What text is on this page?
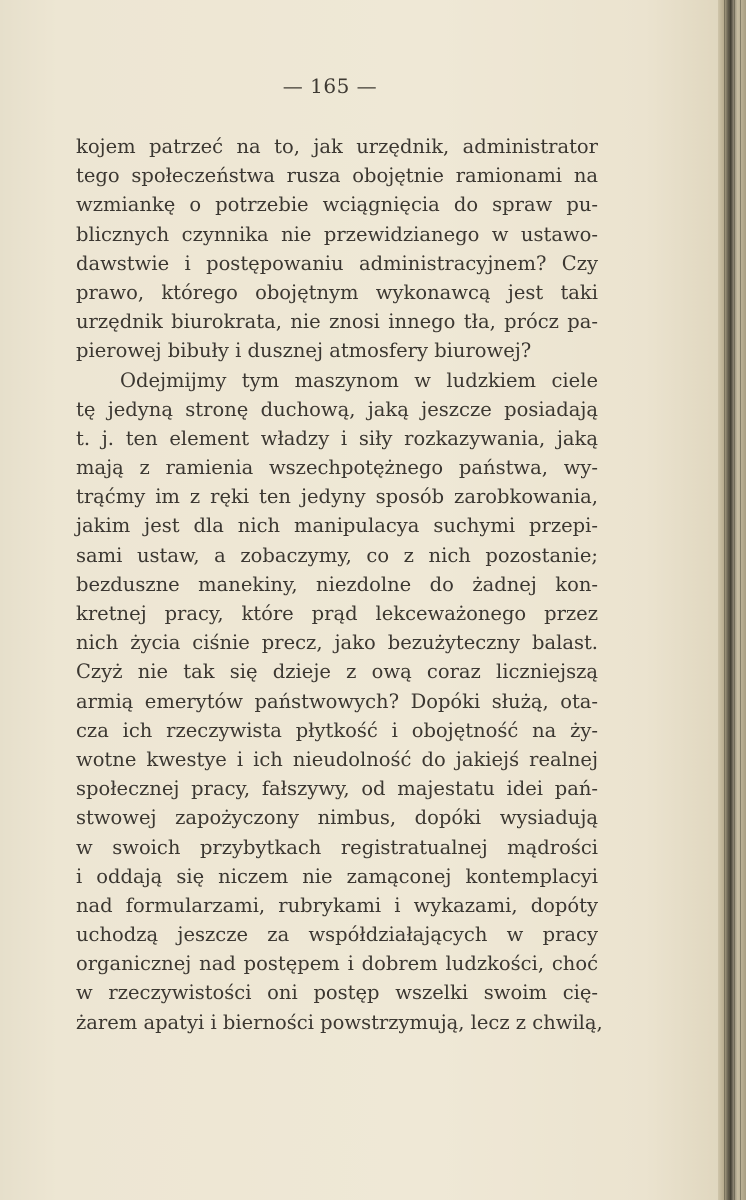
— 165 —
kojem patrzeć na to, jak urzędnik, administrator
tego społeczeństwa rusza obojętnie ramionami na
wzmiankę o potrzebie wciągnięcia do spraw pu-
blicznych czynnika nie przewidzianego w ustawo-
dawstwie i postępowaniu administracyjnem? Czy
prawo, którego obojętnym wykonawcą jest taki
urzędnik biurokrata, nie znosi innego tła, prócz pa-
pierowej bibuły i dusznej atmosfery biurowej?
Odejmijmy tym maszynom w ludzkiem ciele
tę jedyną stronę duchową, jaką jeszcze posiadają
t. j. ten element władzy i siły rozkazywania, jaką
mają z ramienia wszechpotężnego państwa, wy-
trąćmy im z ręki ten jedyny sposób zarobkowania,
jakim jest dla nich manipulacya suchymi przepi-
sami ustaw, a zobaczymy, co z nich pozostanie;
bezduszne manekiny, niezdolne do żadnej kon-
kretnej pracy, które prąd lekceważonego przez
nich życia ciśnie precz, jako bezużyteczny balast.
Czyż nie tak się dzieje z ową coraz liczniejszą
armią emerytów państwowych? Dopóki służą, ota-
cza ich rzeczywista płytkość i obojętność na ży-
wotne kwestye i ich nieudolność do jakiejś realnej
społecznej pracy, fałszywy, od majestatu idei pań-
stwowej zapożyczony nimbus, dopóki wysiadują
w swoich przybytkach registratualnej mądrości
i oddają się niczem nie zamąconej kontemplacyi
nad formularzami, rubrykami i wykazami, dopóty
uchodzą jeszcze za współdziałających w pracy
organicznej nad postępem i dobrem ludzkości, choć
w rzeczywistości oni postęp wszelki swoim cię-
żarem apatyi i bierności powstrzymują, lecz z chwilą,
